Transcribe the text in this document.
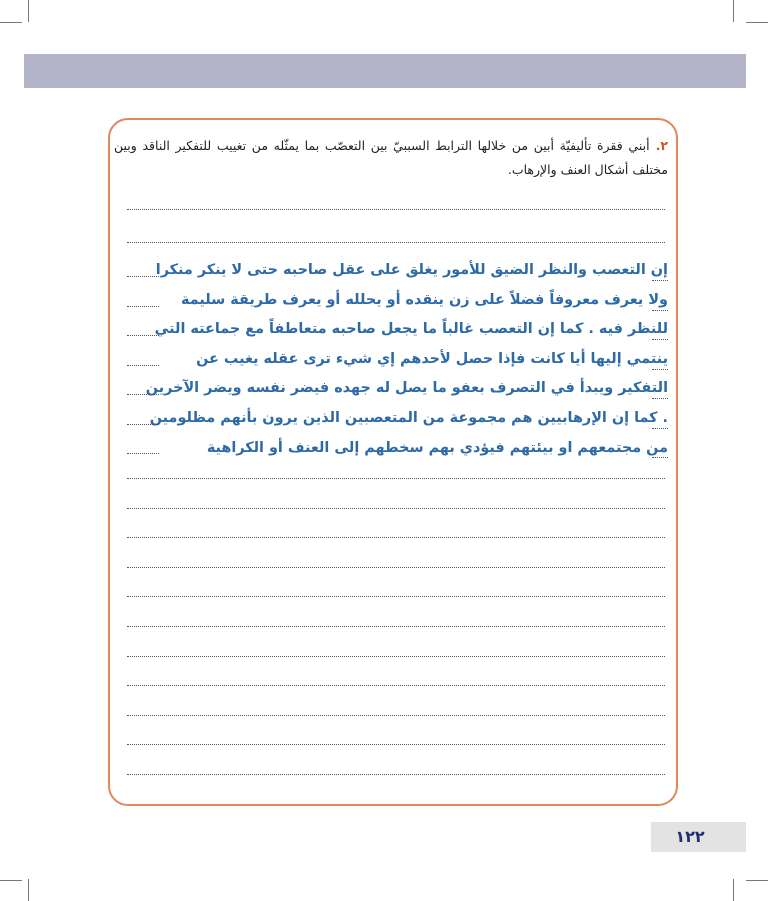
٢. أبني فقرة تأليفيّة أبين من خلالها الترابط السببيّ بين التعصّب بما يمثّله من تغييب للتفكير الناقد وبين مختلف أشكال العنف والإرهاب.
إن التعصب والنظر الضيق للأمور يغلق على عقل صاحبه حتى لا ينكر منكرا
ولا يعرف معروفاً فضلاً على زن ينقده أو يحلله أو يعرف طريقة سليمة
للنظر فيه . كما إن التعصب غالباً ما يجعل صاحبه متعاطفاً مع جماعته التي
ينتمي إليها أيا كانت فإذا حصل لأحدهم إي شيء ترى عقله يغيب عن
التفكير ويبدأ في التصرف بعفو ما يصل له جهده فيضر نفسه ويضر الآخرين
. كما إن الإرهابيين هم مجموعة من المتعصبين الذين يرون بأنهم مظلومين
من مجتمعهم او بيئتهم فيؤدي بهم سخطهم إلى العنف أو الكراهية
١٢٢
